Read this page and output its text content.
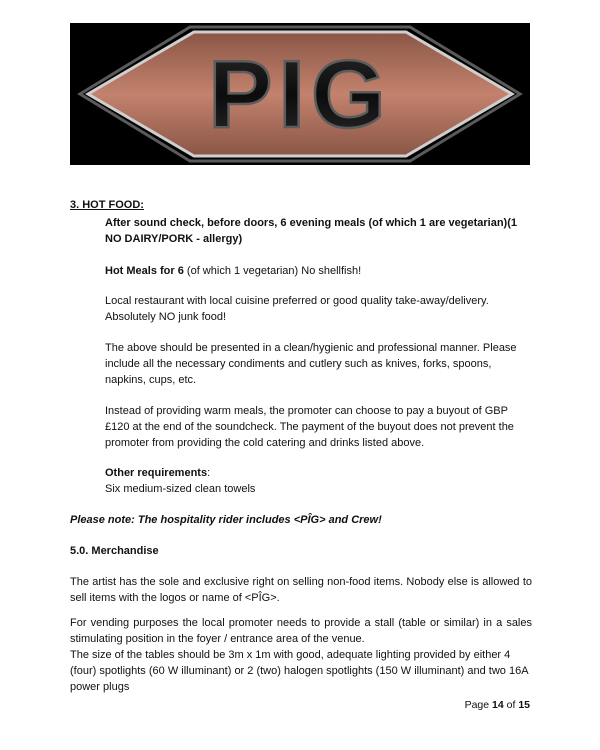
PIG
3. HOT FOOD:

After sound check, before doors, 6 evening meals (of which 1 are vegetarian)(1 NO DAIRY/PORK - allergy)

Hot Meals for 6 (of which 1 vegetarian) No shellfish!

Local restaurant with local cuisine preferred or good quality take-away/delivery. Absolutely NO junk food!

The above should be presented in a clean/hygienic and professional manner. Please include all the necessary condiments and cutlery such as knives, forks, spoons, napkins, cups, etc.

Instead of providing warm meals, the promoter can choose to pay a buyout of GBP £120 at the end of the soundcheck. The payment of the buyout does not prevent the promoter from providing the cold catering and drinks listed above.

Other requirements:

Six medium-sized clean towels

Please note: The hospitality rider includes <PÎG> and Crew!

5.0. Merchandise

The artist has the sole and exclusive right on selling non-food items. Nobody else is allowed to sell items with the logos or name of <PÎG>.

For vending purposes the local promoter needs to provide a stall (table or similar) in a sales stimulating position in the foyer / entrance area of the venue.

The size of the tables should be 3m x 1m with good, adequate lighting provided by either 4 (four) spotlights (60 W illuminant) or 2 (two) halogen spotlights (150 W illuminant) and two 16A power plugs

Page 14 of 15
